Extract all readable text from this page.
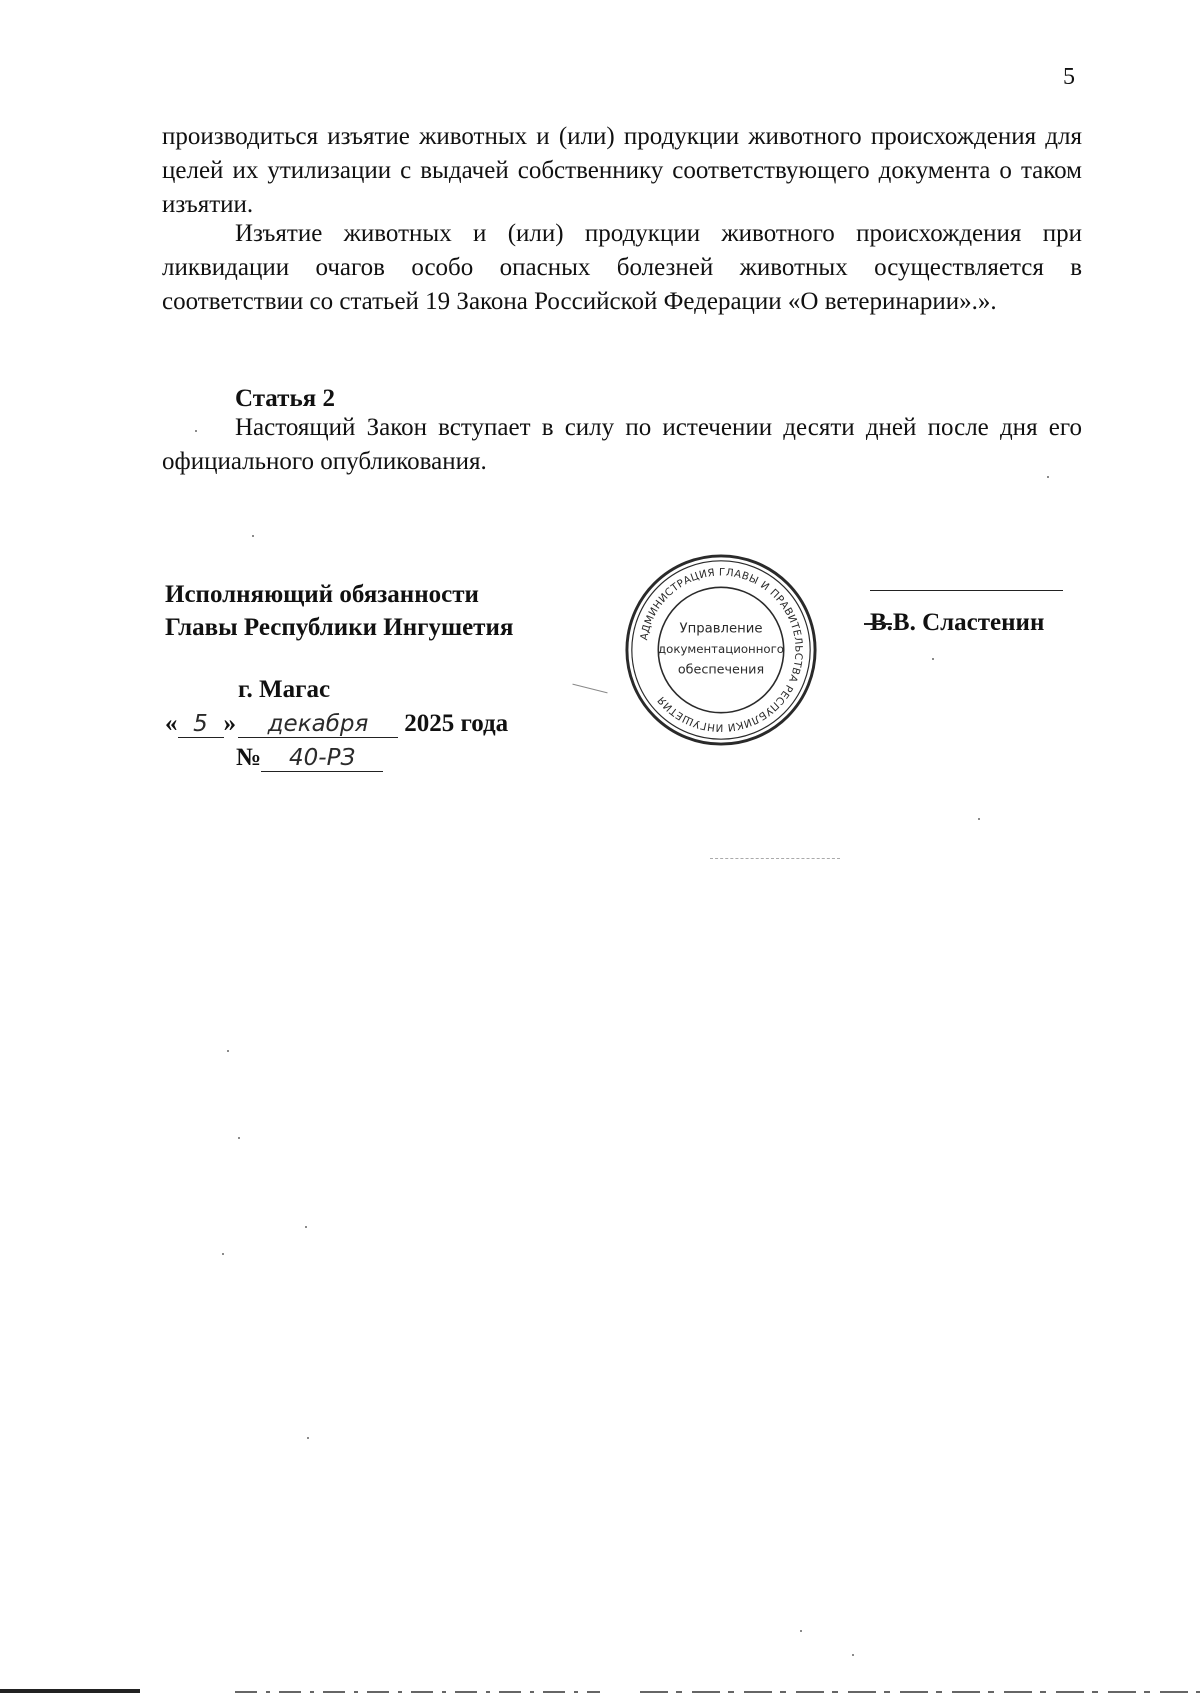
5
производиться изъятие животных и (или) продукции животного происхождения для целей их утилизации с выдачей собственнику соответствующего документа о таком изъятии.
Изъятие животных и (или) продукции животного происхождения при ликвидации очагов особо опасных болезней животных осуществляется в соответствии со статьей 19 Закона Российской Федерации «О ветеринарии».».
Статья 2
Настоящий Закон вступает в силу по истечении десяти дней после дня его официального опубликования.
Исполняющий обязанности
Главы Республики Ингушетия	В.В. Сластенин
АДМИНИСТРАЦИЯ ГЛАВЫ И ПРАВИТЕЛЬСТВА РЕСПУБЛИКИ ИНГУШЕТИЯ
Управление
документационного
обеспечения
г. Магас
« 5 » декабря 2025 года
№ 40-РЗ
